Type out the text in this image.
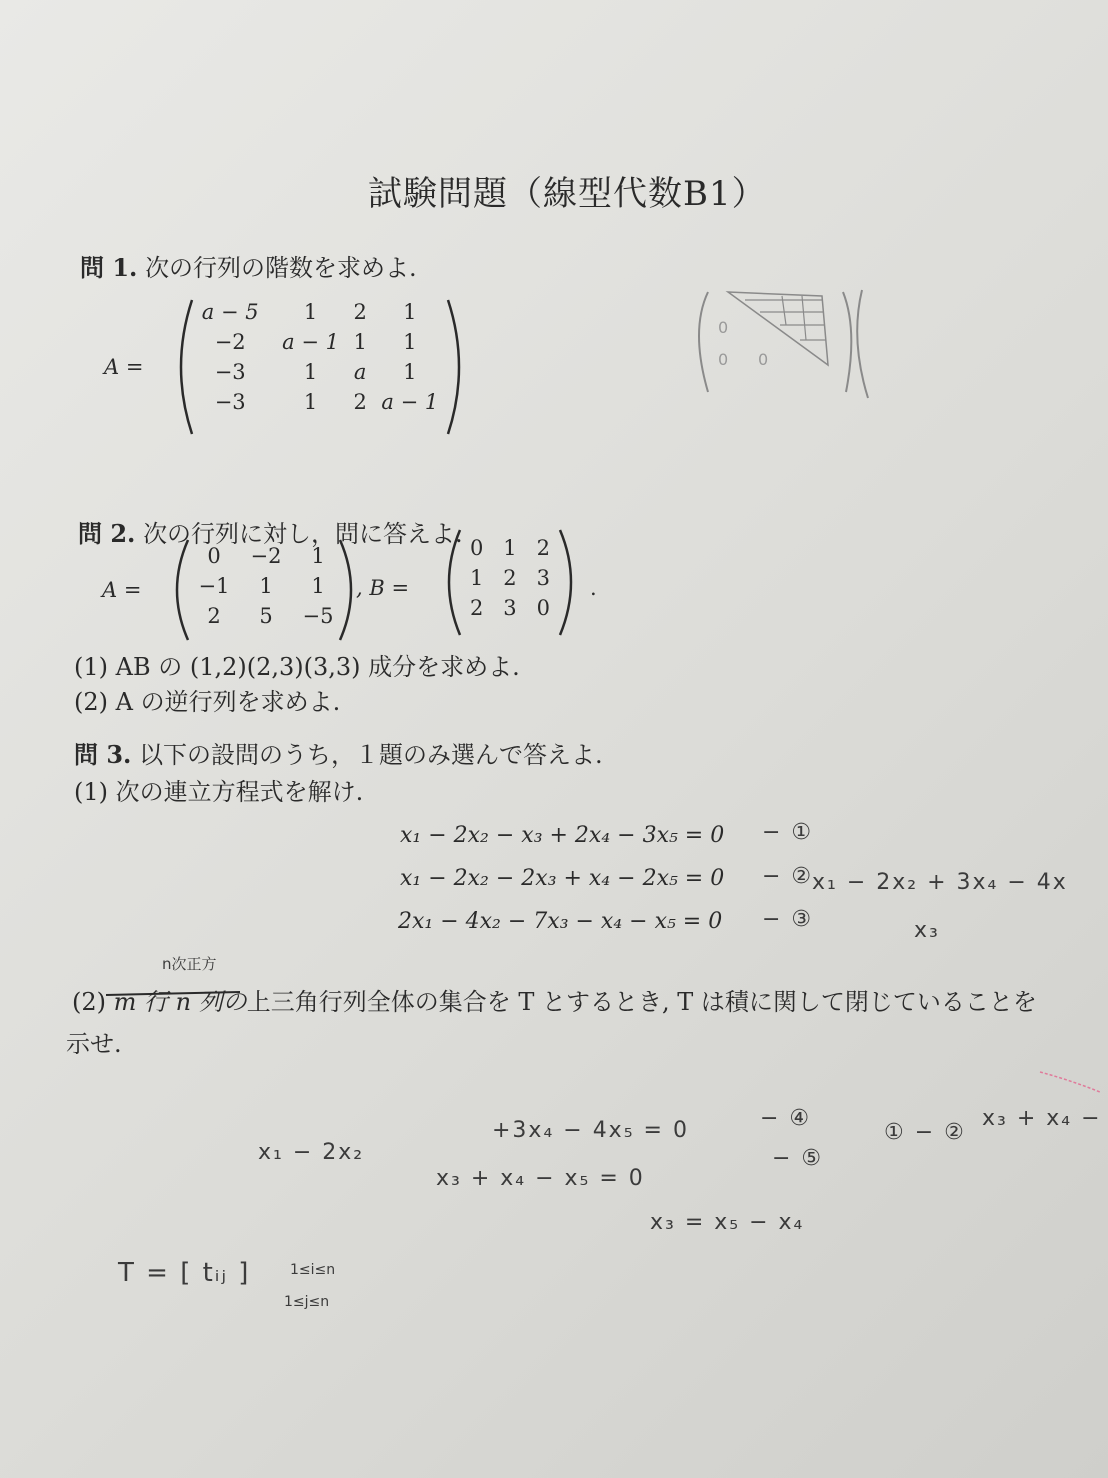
試験問題（線型代数B1）
問 1. 次の行列の階数を求めよ.
A =
a − 5	1	2	1
−2	a − 1	1	1
−3	1	a	1
−3	1	2	a − 1
問 2. 次の行列に対し，問に答えよ.
A =
0	−2	1
−1	1	1
2	5	−5
, B =
0	1	2
1	2	3
2	3	0
.
(1) AB の (1,2)(2,3)(3,3) 成分を求めよ.
(2) A の逆行列を求めよ.
問 3. 以下の設問のうち，１題のみ選んで答えよ.
(1) 次の連立方程式を解け.
x₁ − 2x₂ − x₃ + 2x₄ − 3x₅ = 0
x₁ − 2x₂ − 2x₃ + x₄ − 2x₅ = 0
2x₁ − 4x₂ − 7x₃ − x₄ − x₅ = 0
− ①
− ②
− ③
x₁ − 2x₂ + 3x₄ − 4x
x₃
n次正方
(2) m 行 n 列の上三角行列全体の集合を T とするとき, T は積に関して閉じていることを
示せ.
x₁ − 2x₂
+3x₄ − 4x₅ = 0	− ④
x₃ + x₄ − x₅ = 0
− ⑤
x₃ = x₅ − x₄
① − ②
x₃ + x₄ −
T = [ tᵢⱼ ]	1≤i≤n
1≤j≤n
0
0 0
